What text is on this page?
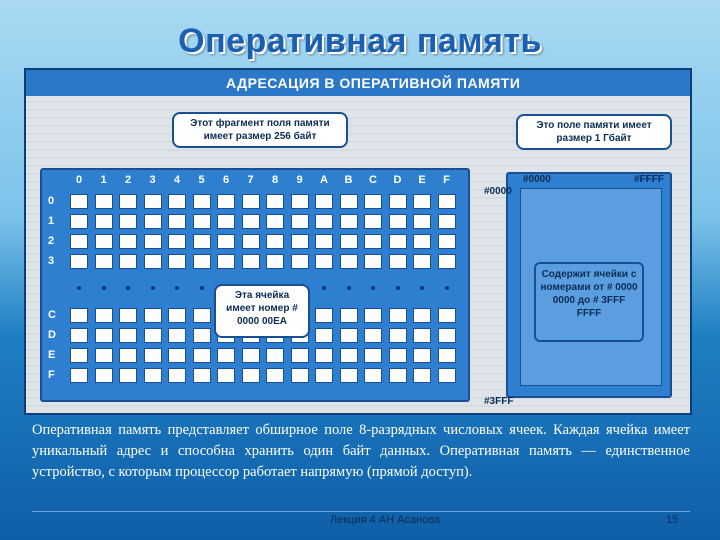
Оперативная память
АДРЕСАЦИЯ В ОПЕРАТИВНОЙ ПАМЯТИ
0	1	2	3	4	5	6	7	8	9	A	B	C	D	E	F
0
1
2
3
C
D
E
F
#0000	#FFFF
#0000
#3FFF
Содержит ячейки с номерами от # 0000 0000 до # 3FFF FFFF
Этот фрагмент поля памяти имеет размер 256 байт
Это поле памяти имеет размер 1 Гбайт
Эта ячейка имеет номер # 0000 00EA
Оперативная память представляет обширное поле 8-разрядных числовых ячеек. Каждая ячейка имеет уникальный адрес и способна хранить один байт данных. Оперативная память — единственное устройство, с которым процессор работает напрямую (прямой доступ).
Лекция 4 АН Асанова	15
